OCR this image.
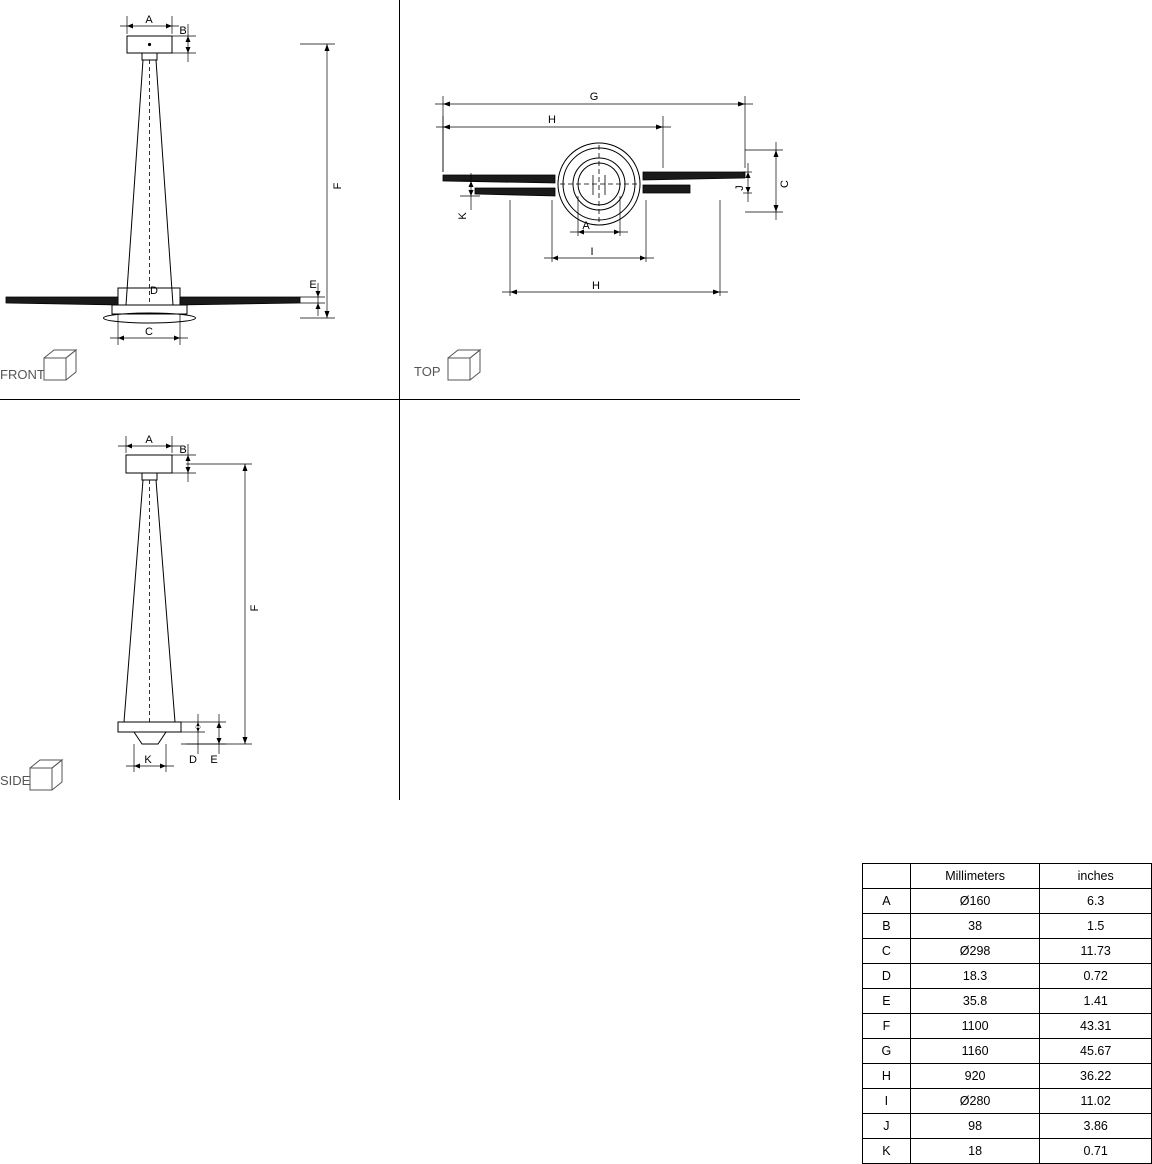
A
B
F
E
D
C
FRONT
G
H
C
J
K
A
I
H
TOP
A
B
F
E
D
K
SIDE
	Millimeters	inches
A	Ø160	6.3
B	38	1.5
C	Ø298	11.73
D	18.3	0.72
E	35.8	1.41
F	1100	43.31
G	1160	45.67
H	920	36.22
I	Ø280	11.02
J	98	3.86
K	18	0.71
